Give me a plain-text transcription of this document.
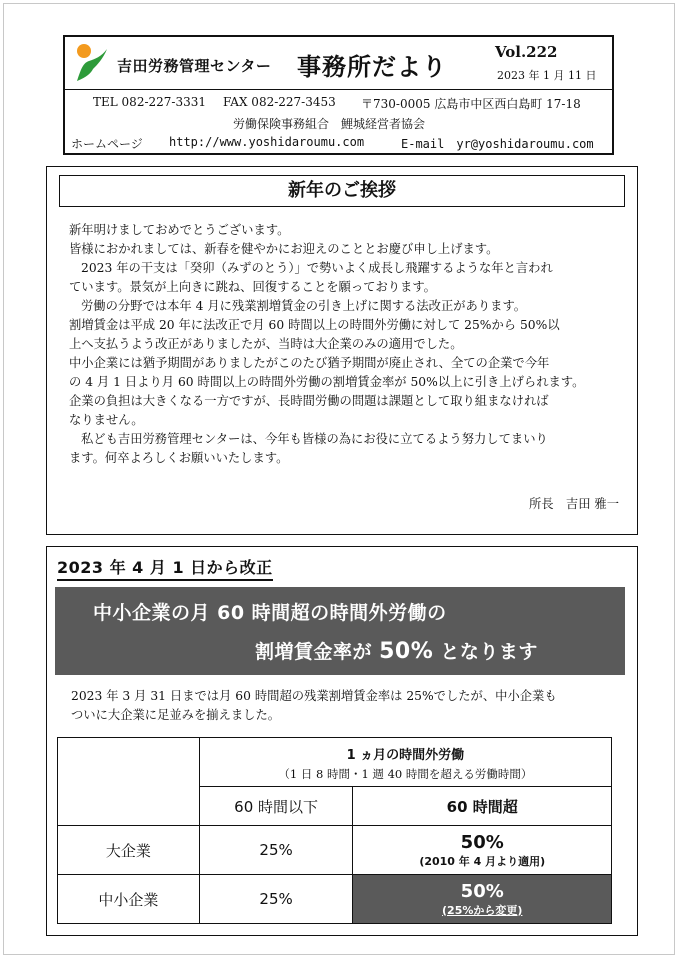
吉田労務管理センター 事務所だより
Vol.222
2023 年 1 月 11 日
TEL 082-227-3331 FAX 082-227-3453 〒730-0005 広島市中区西白島町 17-18
労働保険事務組合　鯉城経営者協会
ホームページ http://www.yoshidaroumu.com	E-mail　yr@yoshidaroumu.com
新年のご挨拶

新年明けましておめでとうございます。

皆様におかれましては、新春を健やかにお迎えのこととお慶び申し上げます。

2023 年の干支は「癸卯（みずのとう）」で勢いよく成長し飛躍するような年と言われ

ています。景気が上向きに跳ね、回復することを願っております。

労働の分野では本年 4 月に残業割増賃金の引き上げに関する法改正があります。

割増賃金は平成 20 年に法改正で月 60 時間以上の時間外労働に対して 25%から 50%以

上へ支払うよう改正がありましたが、当時は大企業のみの適用でした。

中小企業には猶予期間がありましたがこのたび猶予期間が廃止され、全ての企業で今年

の 4 月 1 日より月 60 時間以上の時間外労働の割増賃金率が 50%以上に引き上げられます。

企業の負担は大きくなる一方ですが、長時間労働の問題は課題として取り組まなければ

なりません。

私ども吉田労務管理センターは、今年も皆様の為にお役に立てるよう努力してまいり

ます。何卒よろしくお願いいたします。

所長　吉田 雅一
2023 年 4 月 1 日から改正
中小企業の月 60 時間超の時間外労働の
割増賃金率が 50% となります

2023 年 3 月 31 日までは月 60 時間超の残業割増賃金率は 25%でしたが、中小企業も

ついに大企業に足並みを揃えました。

	1 ヵ月の時間外労働
（1 日 8 時間・1 週 40 時間を超える労働時間）	

	60 時間以下	60 時間超
大企業	25%	50%
(2010 年 4 月より適用)

中小企業	25%	50%
(25%から変更)
